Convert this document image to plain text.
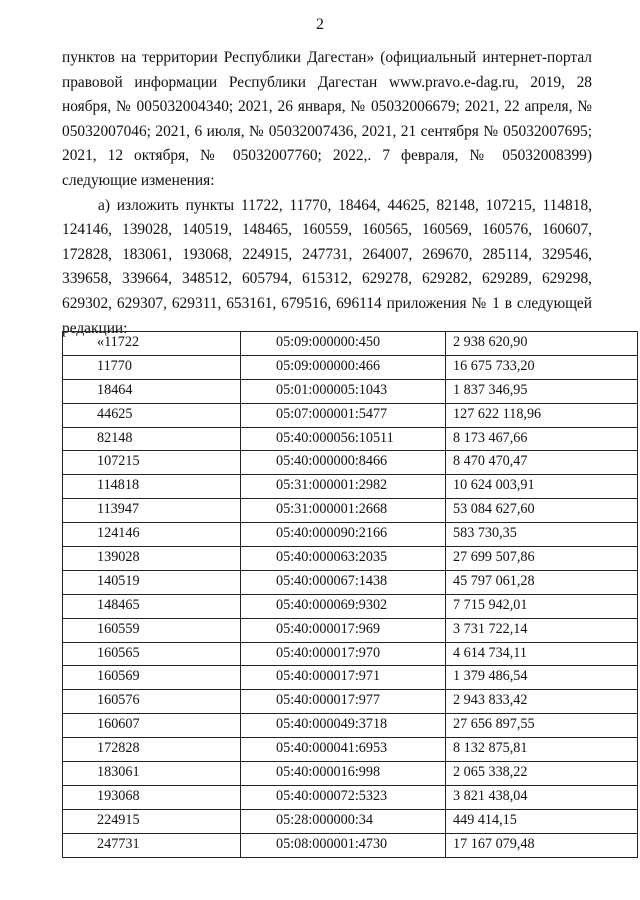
2

пунктов на территории Республики Дагестан» (официальный интернет-портал правовой информации Республики Дагестан www.pravo.e-dag.ru, 2019, 28 ноября, № 005032004340; 2021, 26 января, № 05032006679; 2021, 22 апреля, № 05032007046; 2021, 6 июля, № 05032007436, 2021, 21 сентября № 05032007695; 2021, 12 октября, № 05032007760; 2022,. 7 февраля, № 05032008399) следующие изменения:

а) изложить пункты 11722, 11770, 18464, 44625, 82148, 107215, 114818, 124146, 139028, 140519, 148465, 160559, 160565, 160569, 160576, 160607, 172828, 183061, 193068, 224915, 247731, 264007, 269670, 285114, 329546, 339658, 339664, 348512, 605794, 615312, 629278, 629282, 629289, 629298, 629302, 629307, 629311, 653161, 679516, 696114 приложения № 1 в следующей редакции:

«11722	05:09:000000:450	2 938 620,90
11770	05:09:000000:466	16 675 733,20
18464	05:01:000005:1043	1 837 346,95
44625	05:07:000001:5477	127 622 118,96
82148	05:40:000056:10511	8 173 467,66
107215	05:40:000000:8466	8 470 470,47
114818	05:31:000001:2982	10 624 003,91
113947	05:31:000001:2668	53 084 627,60
124146	05:40:000090:2166	583 730,35
139028	05:40:000063:2035	27 699 507,86
140519	05:40:000067:1438	45 797 061,28
148465	05:40:000069:9302	7 715 942,01
160559	05:40:000017:969	3 731 722,14
160565	05:40:000017:970	4 614 734,11
160569	05:40:000017:971	1 379 486,54
160576	05:40:000017:977	2 943 833,42
160607	05:40:000049:3718	27 656 897,55
172828	05:40:000041:6953	8 132 875,81
183061	05:40:000016:998	2 065 338,22
193068	05:40:000072:5323	3 821 438,04
224915	05:28:000000:34	449 414,15
247731	05:08:000001:4730	17 167 079,48
